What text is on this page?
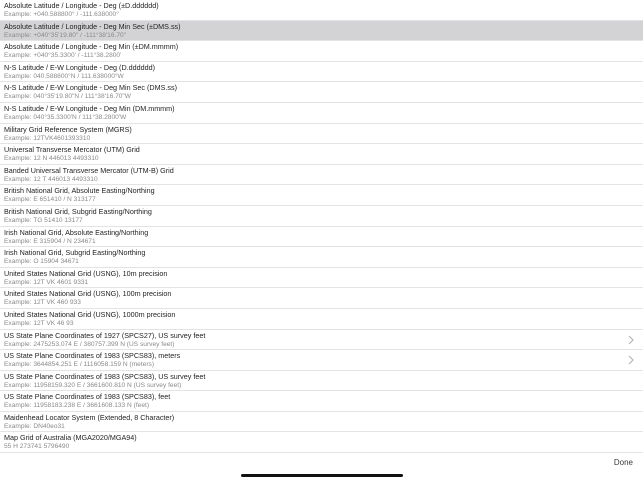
Absolute Latitude / Longitude - Deg (±D.dddddd)
Example: +040.588800° / -111.638000°
Absolute Latitude / Longitude - Deg Min Sec (±DMS.ss)
Example: +040°35'19.80" / -111°38'16.70"
Absolute Latitude / Longitude - Deg Min (±DM.mmmm)
Example: +040°35.3300' / -111°38.2800'
N-S Latitude / E-W Longitude - Deg (D.dddddd)
Example: 040.588800°N / 111.638000°W
N-S Latitude / E-W Longitude - Deg Min Sec (DMS.ss)
Example: 040°35'19.80"N / 111°38'16.70"W
N-S Latitude / E-W Longitude - Deg Min (DM.mmmm)
Example: 040°35.3300'N / 111°38.2800'W
Military Grid Reference System (MGRS)
Example: 12TVK4601393310
Universal Transverse Mercator (UTM) Grid
Example: 12 N 446013 4493310
Banded Universal Transverse Mercator (UTM-B) Grid
Example: 12 T 446013 4493310
British National Grid, Absolute Easting/Northing
Example: E 651410 / N 313177
British National Grid, Subgrid Easting/Northing
Example: TG 51410 13177
Irish National Grid, Absolute Easting/Northing
Example: E 315904 / N 234671
Irish National Grid, Subgrid Easting/Northing
Example: O 15904 34671
United States National Grid (USNG), 10m precision
Example: 12T VK 4601 9331
United States National Grid (USNG), 100m precision
Example: 12T VK 460 933
United States National Grid (USNG), 1000m precision
Example: 12T VK 46 93
US State Plane Coordinates of 1927 (SPCS27), US survey feet
Example: 2475253.074 E / 380757.399 N (US survey feet)
US State Plane Coordinates of 1983 (SPCS83), meters
Example: 3644854.251 E / 1116058.159 N (meters)
US State Plane Coordinates of 1983 (SPCS83), US survey feet
Example: 11958159.320 E / 3661600.810 N (US survey feet)
US State Plane Coordinates of 1983 (SPCS83), feet
Example: 11958183.238 E / 3661608.133 N (feet)
Maidenhead Locator System (Extended, 8 Character)
Example: DN40eo31
Map Grid of Australia (MGA2020/MGA94)
55 H 273741 5796490
Done
